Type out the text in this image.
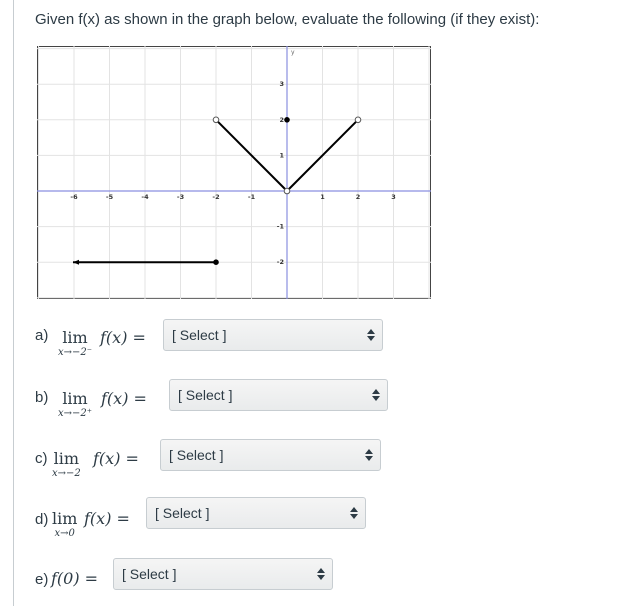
Given f(x) as shown in the graph below, evaluate the following (if they exist):
y
-6	-5	-4	-3	-2	-1	1	2	3
3
2
1
-1
-2
a) lim
x→−2⁻
f(x) = [ Select ]
b) lim
x→−2⁺
f(x) = [ Select ]
c) lim
x→−2
f(x) = [ Select ]
d) lim
x→0
f(x) = [ Select ]
e) f(0) = [ Select ]
